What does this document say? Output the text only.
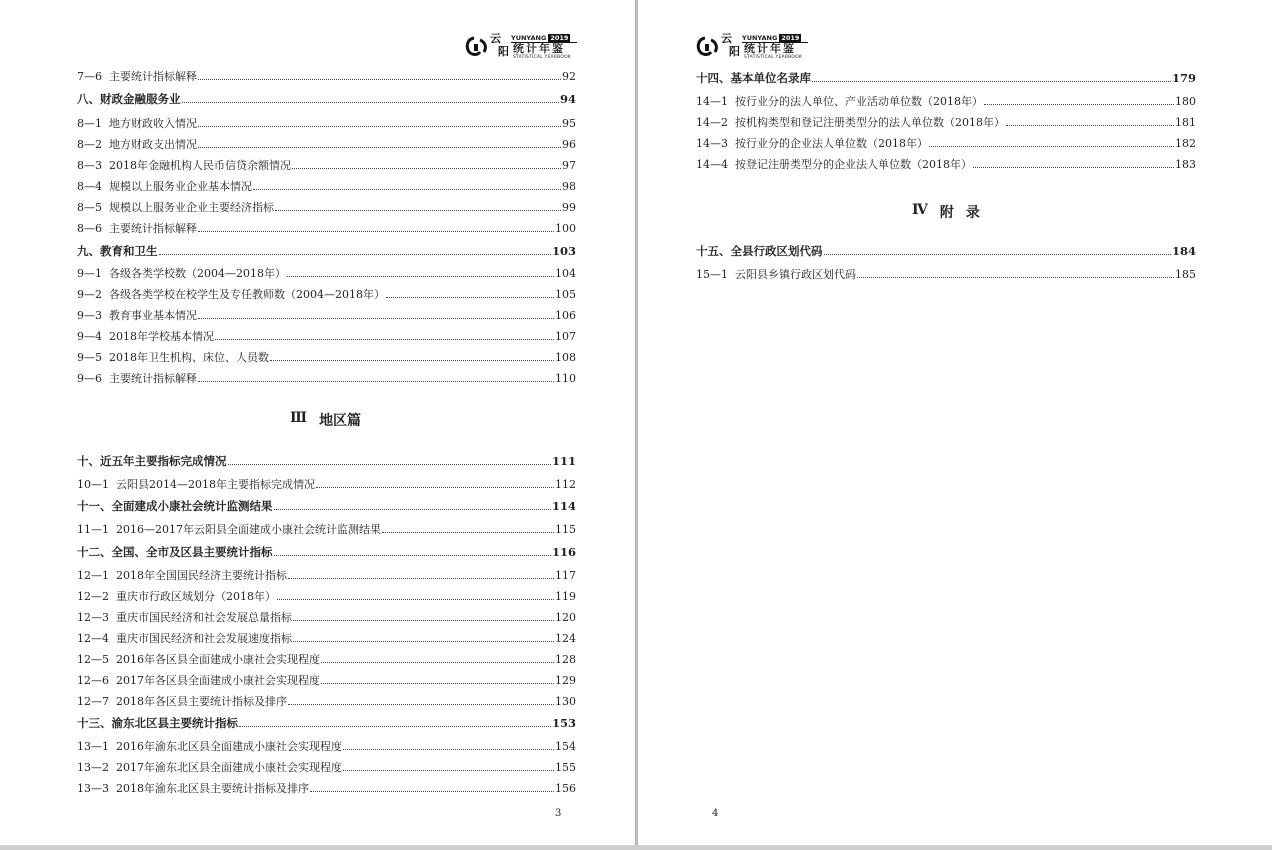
云
阳
YUNYANG 2019
统计年鉴
STATISTICAL YEARBOOK
7—6 主要统计指标解释	92
八、财政金融服务业	94
8—1 地方财政收入情况	95
8—2 地方财政支出情况	96
8—3 2018年金融机构人民币信贷余额情况	97
8—4 规模以上服务业企业基本情况	98
8—5 规模以上服务业企业主要经济指标	99
8—6 主要统计指标解释	100
九、教育和卫生	103
9—1 各级各类学校数（2004—2018年）	104
9—2 各级各类学校在校学生及专任教师数（2004—2018年）	105
9—3 教育事业基本情况	106
9—4 2018年学校基本情况	107
9—5 2018年卫生机构、床位、人员数	108
9—6 主要统计指标解释	110
Ⅲ 地区篇
十、近五年主要指标完成情况	111
10—1 云阳县2014—2018年主要指标完成情况	112
十一、全面建成小康社会统计监测结果	114
11—1 2016—2017年云阳县全面建成小康社会统计监测结果	115
十二、全国、全市及区县主要统计指标	116
12—1 2018年全国国民经济主要统计指标	117
12—2 重庆市行政区域划分（2018年）	119
12—3 重庆市国民经济和社会发展总量指标	120
12—4 重庆市国民经济和社会发展速度指标	124
12—5 2016年各区县全面建成小康社会实现程度	128
12—6 2017年各区县全面建成小康社会实现程度	129
12—7 2018年各区县主要统计指标及排序	130
十三、渝东北区县主要统计指标	153
13—1 2016年渝东北区县全面建成小康社会实现程度	154
13—2 2017年渝东北区县全面建成小康社会实现程度	155
13—3 2018年渝东北区县主要统计指标及排序	156
3
云
阳
YUNYANG 2019
统计年鉴
STATISTICAL YEARBOOK
十四、基本单位名录库	179
14—1 按行业分的法人单位、产业活动单位数（2018年）	180
14—2 按机构类型和登记注册类型分的法人单位数（2018年）	181
14—3 按行业分的企业法人单位数（2018年）	182
14—4 按登记注册类型分的企业法人单位数（2018年）	183
Ⅳ 附 录
十五、全县行政区划代码	184
15—1 云阳县乡镇行政区划代码	185
4
